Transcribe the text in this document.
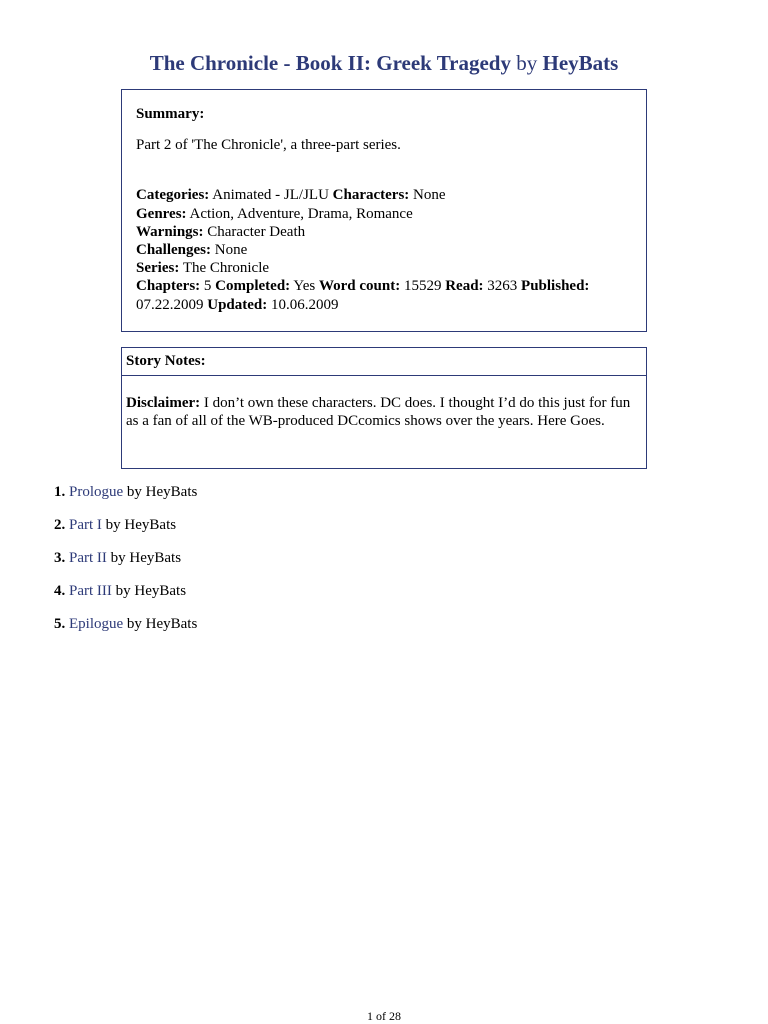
The Chronicle - Book II: Greek Tragedy by HeyBats
Summary:
Part 2 of 'The Chronicle', a three-part series.
Categories: Animated - JL/JLU Characters: None
Genres: Action, Adventure, Drama, Romance
Warnings: Character Death
Challenges: None
Series: The Chronicle
Chapters: 5 Completed: Yes Word count: 15529 Read: 3263 Published: 07.22.2009 Updated: 10.06.2009
Story Notes:
Disclaimer: I don’t own these characters. DC does. I thought I’d do this just for fun as a fan of all of the WB-produced DCcomics shows over the years. Here Goes.
1. Prologue by HeyBats
2. Part I by HeyBats
3. Part II by HeyBats
4. Part III by HeyBats
5. Epilogue by HeyBats
1 of 28
